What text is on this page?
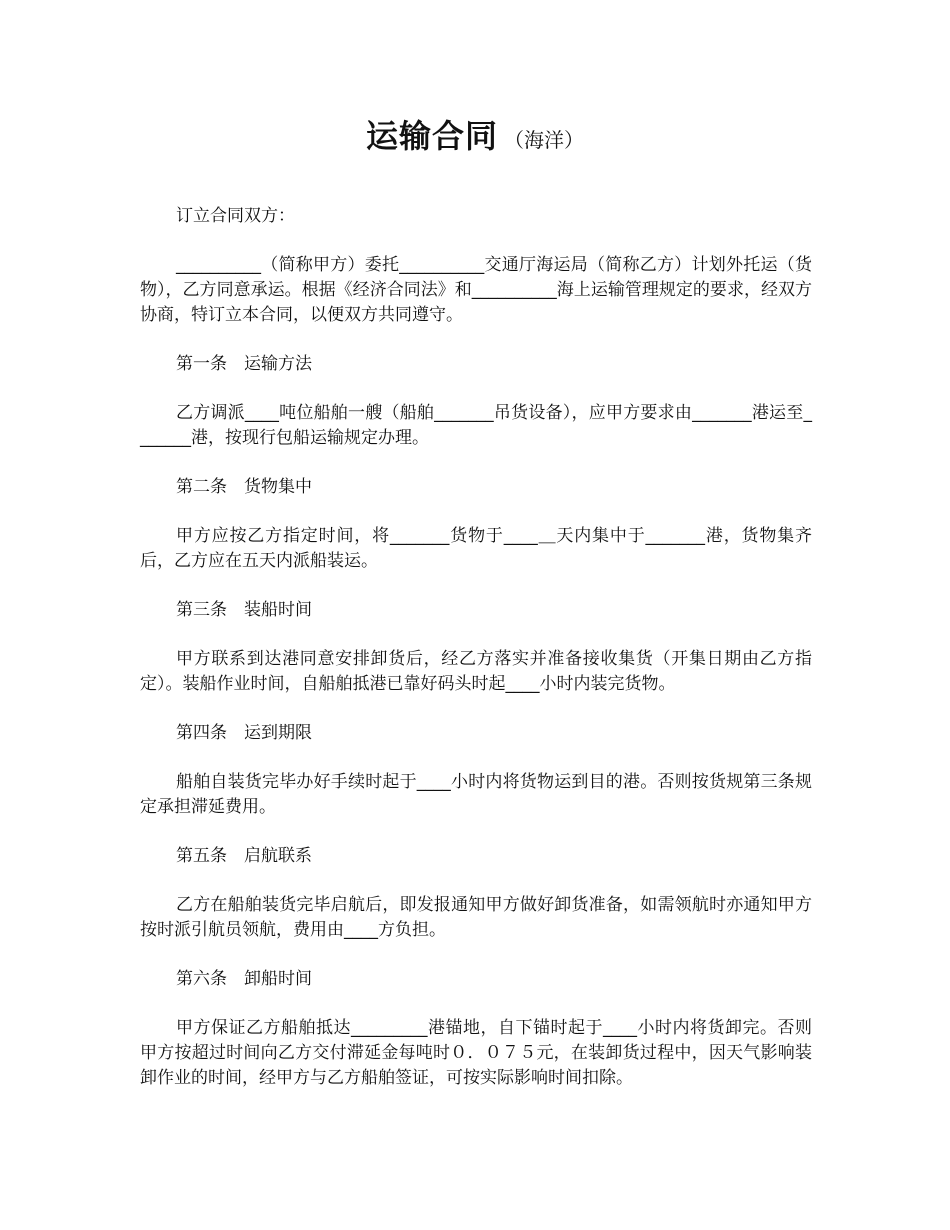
运输合同 （海洋）

订立合同双方：

__________（简称甲方）委托__________交通厅海运局（简称乙方）计划外托运（货物），乙方同意承运。根据《经济合同法》和__________海上运输管理规定的要求，经双方协商，特订立本合同，以便双方共同遵守。

第一条　运输方法

乙方调派____吨位船舶一艘（船舶_______吊货设备），应甲方要求由_______港运至_______港，按现行包船运输规定办理。

第二条　货物集中

甲方应按乙方指定时间，将_______货物于____＿天内集中于_______港，货物集齐后，乙方应在五天内派船装运。

第三条　装船时间

甲方联系到达港同意安排卸货后，经乙方落实并准备接收集货（开集日期由乙方指定）。装船作业时间，自船舶抵港已靠好码头时起____小时内装完货物。

第四条　运到期限

船舶自装货完毕办好手续时起于____小时内将货物运到目的港。否则按货规第三条规定承担滞延费用。

第五条　启航联系

乙方在船舶装货完毕启航后，即发报通知甲方做好卸货准备，如需领航时亦通知甲方按时派引航员领航，费用由____方负担。

第六条　卸船时间

甲方保证乙方船舶抵达_________港锚地，自下锚时起于____小时内将货卸完。否则甲方按超过时间向乙方交付滞延金每吨时０．０７５元，在装卸货过程中，因天气影响装卸作业的时间，经甲方与乙方船舶签证，可按实际影响时间扣除。
